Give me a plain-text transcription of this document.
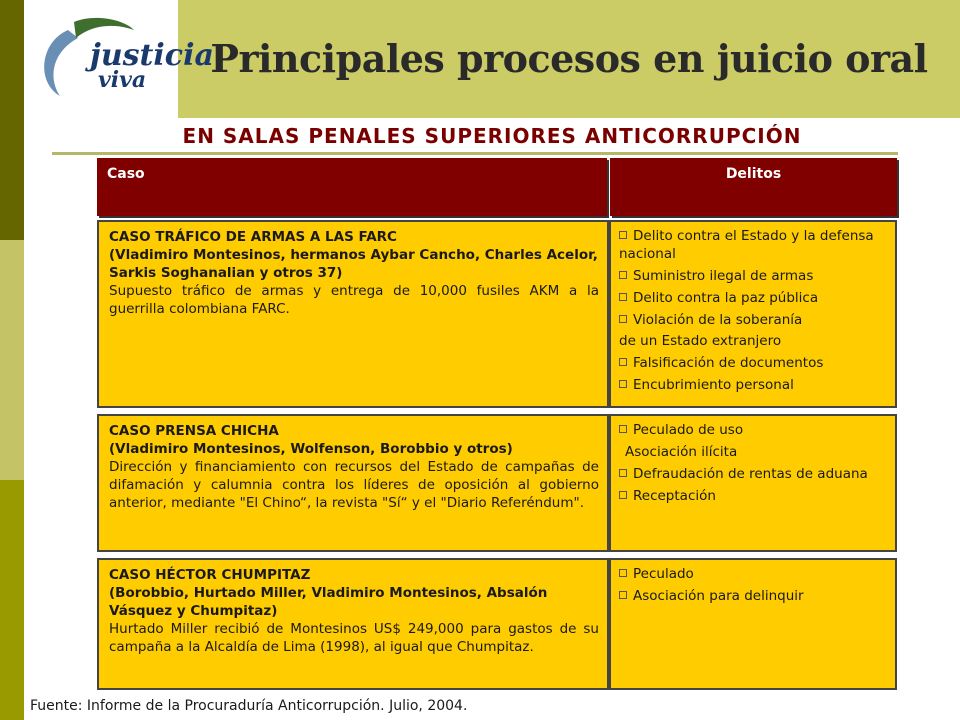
justicia
viva	Principales procesos en juicio oral
EN SALAS PENALES SUPERIORES ANTICORRUPCIÓN
Caso	Delitos
CASO TRÁFICO DE ARMAS A LAS FARC
(Vladimiro Montesinos, hermanos Aybar Cancho, Charles Acelor, Sarkis Soghanalian y otros 37)
Supuesto tráfico de armas y entrega de 10,000 fusiles AKM a la guerrilla colombiana FARC.
Delito contra el Estado y la defensa nacional
Suministro ilegal de armas
Delito contra la paz pública
Violación de la soberanía
de un Estado extranjero
Falsificación de documentos
Encubrimiento personal
CASO PRENSA CHICHA
(Vladimiro Montesinos, Wolfenson, Borobbio y otros)
Dirección y financiamiento con recursos del Estado de campañas de difamación y calumnia contra los líderes de oposición al gobierno anterior, mediante "El Chino“, la revista "Sí“ y el "Diario Referéndum".
Peculado de uso
Asociación ilícita
Defraudación de rentas de aduana
Receptación
CASO HÉCTOR CHUMPITAZ
(Borobbio, Hurtado Miller, Vladimiro Montesinos, Absalón Vásquez y Chumpitaz)
Hurtado Miller recibió de Montesinos US$ 249,000 para gastos de su campaña a la Alcaldía de Lima (1998), al igual que Chumpitaz.
Peculado
Asociación para delinquir
Fuente: Informe de la Procuraduría Anticorrupción. Julio, 2004.
